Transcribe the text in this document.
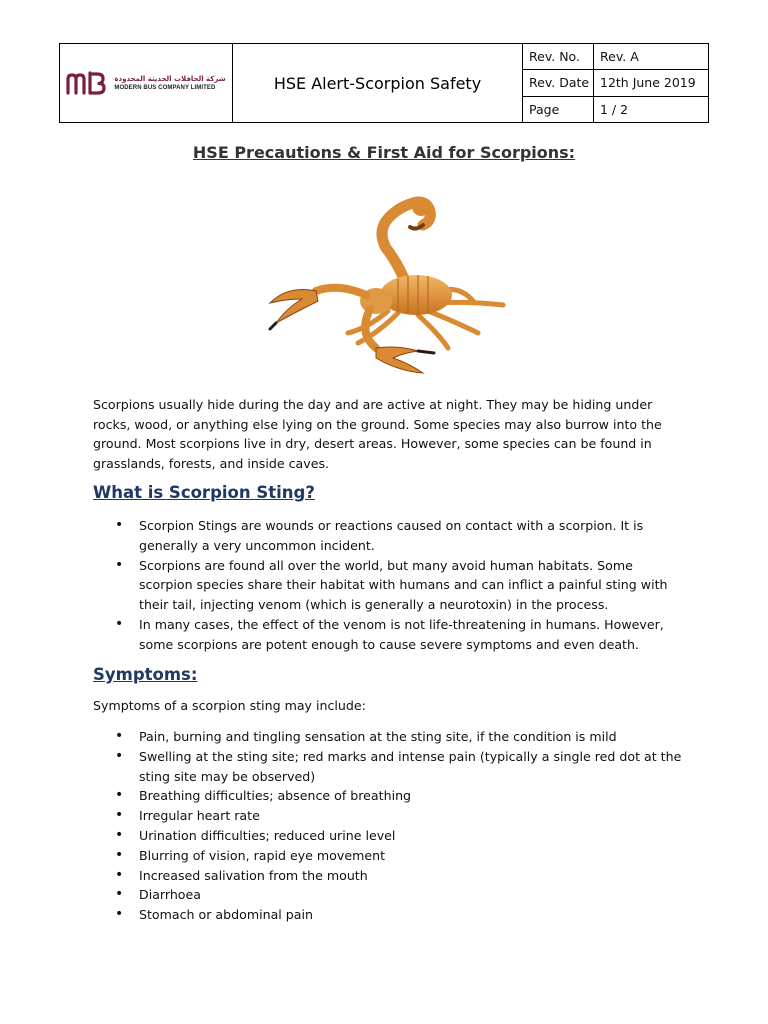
شركة الحافلات الحديثة المحدودة
MODERN BUS COMPANY LIMITED	HSE Alert-Scorpion Safety
Rev. No.	Rev. A
Rev. Date 12th June 2019
Page	1 / 2
HSE Precautions & First Aid for Scorpions:

Scorpions usually hide during the day and are active at night. They may be hiding under rocks, wood, or anything else lying on the ground. Some species may also burrow into the ground. Most scorpions live in dry, desert areas. However, some species can be found in grasslands, forests, and inside caves.

What is Scorpion Sting?
• Scorpion Stings are wounds or reactions caused on contact with a scorpion. It is generally a very uncommon incident.
• Scorpions are found all over the world, but many avoid human habitats. Some scorpion species share their habitat with humans and can inflict a painful sting with their tail, injecting venom (which is generally a neurotoxin) in the process.
• In many cases, the effect of the venom is not life-threatening in humans. However, some scorpions are potent enough to cause severe symptoms and even death.
Symptoms:

Symptoms of a scorpion sting may include:

• Pain, burning and tingling sensation at the sting site, if the condition is mild
• Swelling at the sting site; red marks and intense pain (typically a single red dot at the sting site may be observed)
• Breathing difficulties; absence of breathing
• Irregular heart rate
• Urination difficulties; reduced urine level
• Blurring of vision, rapid eye movement
• Increased salivation from the mouth
• Diarrhoea
• Stomach or abdominal pain
